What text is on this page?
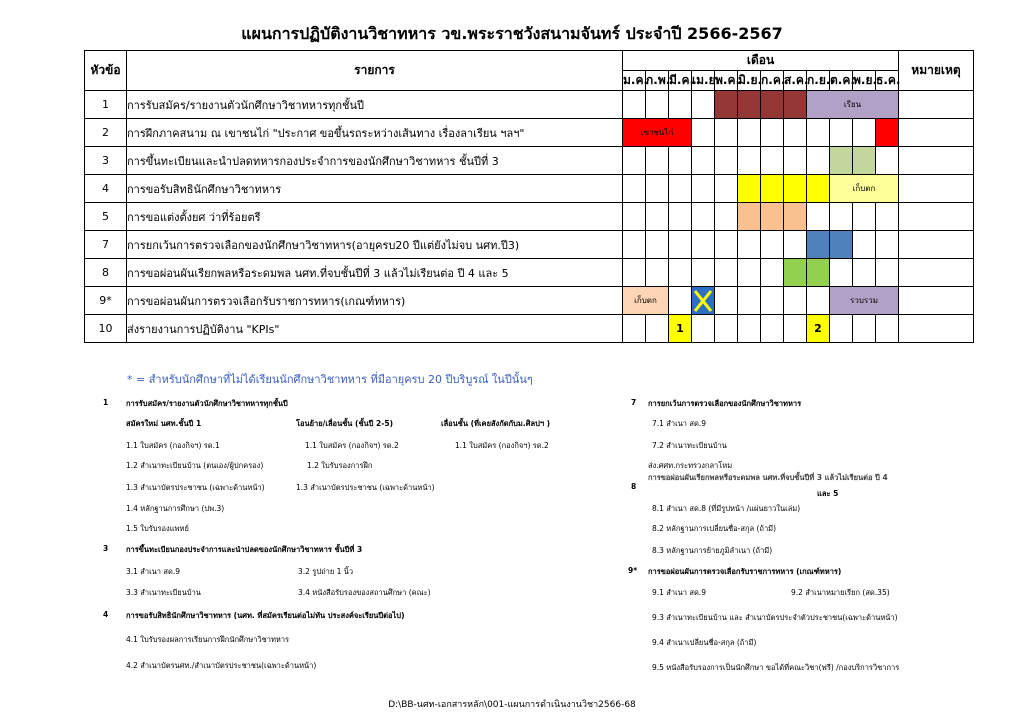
แผนการปฏิบัติงานวิชาทหาร วข.พระราชวังสนามจันทร์ ประจำปี 2566-2567
หัวข้อ	รายการ	เดือน												หมายเหตุ
		ม.ค.	ก.พ.	มี.ค.	เม.ย.	พ.ค.	มิ.ย.	ก.ค.	ส.ค.	ก.ย.	ต.ค.	พ.ย.	ธ.ค.	
1	การรับสมัคร/รายงานตัวนักศึกษาวิชาทหารทุกชั้นปี									เรียน				
2	การฝึกภาคสนาม ณ เขาชนไก่ "ประกาศ ขอขึ้นรถระหว่างเส้นทาง เรื่องลาเรียน ฯลฯ"	เขาชนไก่												
3	การขึ้นทะเบียนและนำปลดทหารกองประจำการของนักศึกษาวิชาทหาร ชั้นปีที่ 3													
4	การขอรับสิทธินักศึกษาวิชาทหาร										เก็บตก			
5	การขอแต่งตั้งยศ ว่าที่ร้อยตรี													
7	การยกเว้นการตรวจเลือกของนักศึกษาวิชาทหาร(อายุครบ20 ปีแต่ยังไม่จบ นศท.ปี3)													
8	การขอผ่อนผันเรียกพลหรือระดมพล นศท.ที่จบชั้นปีที่ 3 แล้วไม่เรียนต่อ ปี 4 และ 5													
9*	การขอผ่อนผันการตรวจเลือกรับราชการทหาร(เกณฑ์ทหาร)	เก็บตก									รวบรวม			
10	ส่งรายงานการปฏิบัติงาน "KPIs"			1						2				
* = สำหรับนักศึกษาที่ไม่ได้เรียนนักศึกษาวิชาทหาร ที่มีอายุครบ 20 ปีบริบูรณ์ ในปีนั้นๆ
1 การรับสมัคร/รายงานตัวนักศึกษาวิชาทหารทุกชั้นปี
สมัครใหม่ นศท.ชั้นปี 1	โอนย้าย/เลื่อนชั้น (ชั้นปี 2-5)	เลื่อนชั้น (ที่เคยสังกัดกับม.ศิลปฯ )
1.1 ใบสมัคร (กองกิจฯ) รด.1	1.1 ใบสมัคร (กองกิจฯ) รด.2	1.1 ใบสมัคร (กองกิจฯ) รด.2
1.2 สำเนาทะเบียนบ้าน (ตนเอง/ผู้ปกครอง)	1.2 ใบรับรองการฝึก
1.3 สำเนาบัตรประชาชน (เฉพาะด้านหน้า)	1.3 สำเนาบัตรประชาชน (เฉพาะด้านหน้า)
1.4 หลักฐานการศึกษา (ปพ.3)
1.5 ใบรับรองแพทย์
3 การขึ้นทะเบียนกองประจำการและนำปลดของนักศึกษาวิชาทหาร ชั้นปีที่ 3
3.1 สำเนา สด.9	3.2 รูปถ่าย 1 นิ้ว
3.3 สำเนาทะเบียนบ้าน	3.4 หนังสือรับรองของสถานศึกษา (คณะ)
4 การขอรับสิทธินักศึกษาวิชาทหาร (นศท. ที่สมัครเรียนต่อไม่ทัน ประสงค์จะเรียนปีต่อไป)
4.1 ใบรับรองผลการเรียนการฝึกนักศึกษาวิชาทหาร
4.2 สำเนาบัตรนศท./สำเนาบัตรประชาชน(เฉพาะด้านหน้า)
7 การยกเว้นการตรวจเลือกของนักศึกษาวิชาทหาร
7.1 สำเนา สด.9
7.2 สำเนาทะเบียนบ้าน
ส่ง.ศศท.กระทรวงกลาโหม
8
การขอผ่อนผันเรียกพลหรือระดมพล นศท.ที่จบชั้นปีที่ 3 แล้วไม่เรียนต่อ ปี 4
และ 5
8.1 สำเนา สด.8 (ที่มีรูปหน้า /แผ่นยาวในเล่ม)
8.2 หลักฐานการเปลี่ยนชื่อ-สกุล (ถ้ามี)
8.3 หลักฐานการย้ายภูมิลำเนา (ถ้ามี)
9* การขอผ่อนผันการตรวจเลือกรับราชการทหาร (เกณฑ์ทหาร)
9.1 สำเนา สด.9	9.2 สำเนาหมายเรียก (สด.35)
9.3 สำเนาทะเบียนบ้าน และ สำเนาบัตรประจำตัวประชาชน(เฉพาะด้านหน้า)
9.4 สำเนาเปลี่ยนชื่อ-สกุล (ถ้ามี)
9.5 หนังสือรับรองการเป็นนักศึกษา ขอได้ที่คณะวิชา(ฟรี) /กองบริการวิชาการ
D:\BB-นศท-เอกสารหลัก\001-แผนการดำเนินงานวิชา2566-68
